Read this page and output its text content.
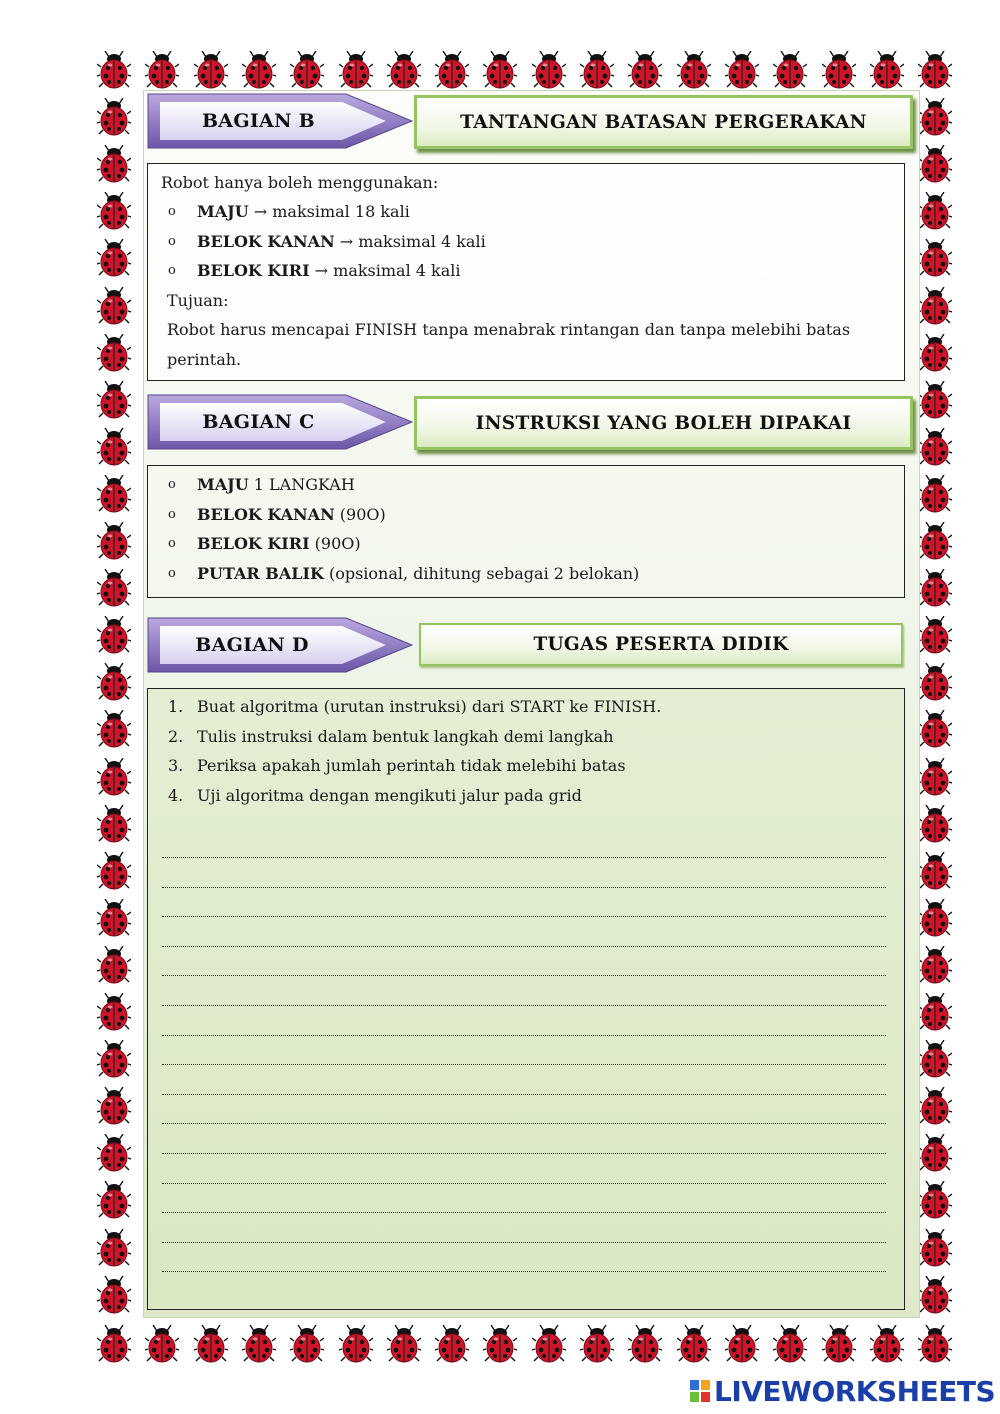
BAGIAN B	TANTANGAN BATASAN PERGERAKAN
Robot hanya boleh menggunakan:
o MAJU → maksimal 18 kali
o BELOK KANAN → maksimal 4 kali
o BELOK KIRI → maksimal 4 kali
Tujuan:
Robot harus mencapai FINISH tanpa menabrak rintangan dan tanpa melebihi batas
perintah.
BAGIAN C	INSTRUKSI YANG BOLEH DIPAKAI
o MAJU 1 LANGKAH
o BELOK KANAN (90O)
o BELOK KIRI (90O)
o PUTAR BALIK (opsional, dihitung sebagai 2 belokan)
BAGIAN D	TUGAS PESERTA DIDIK
1. Buat algoritma (urutan instruksi) dari START ke FINISH.
2. Tulis instruksi dalam bentuk langkah demi langkah
3. Periksa apakah jumlah perintah tidak melebihi batas
4. Uji algoritma dengan mengikuti jalur pada grid
LIVEWORKSHEETS
